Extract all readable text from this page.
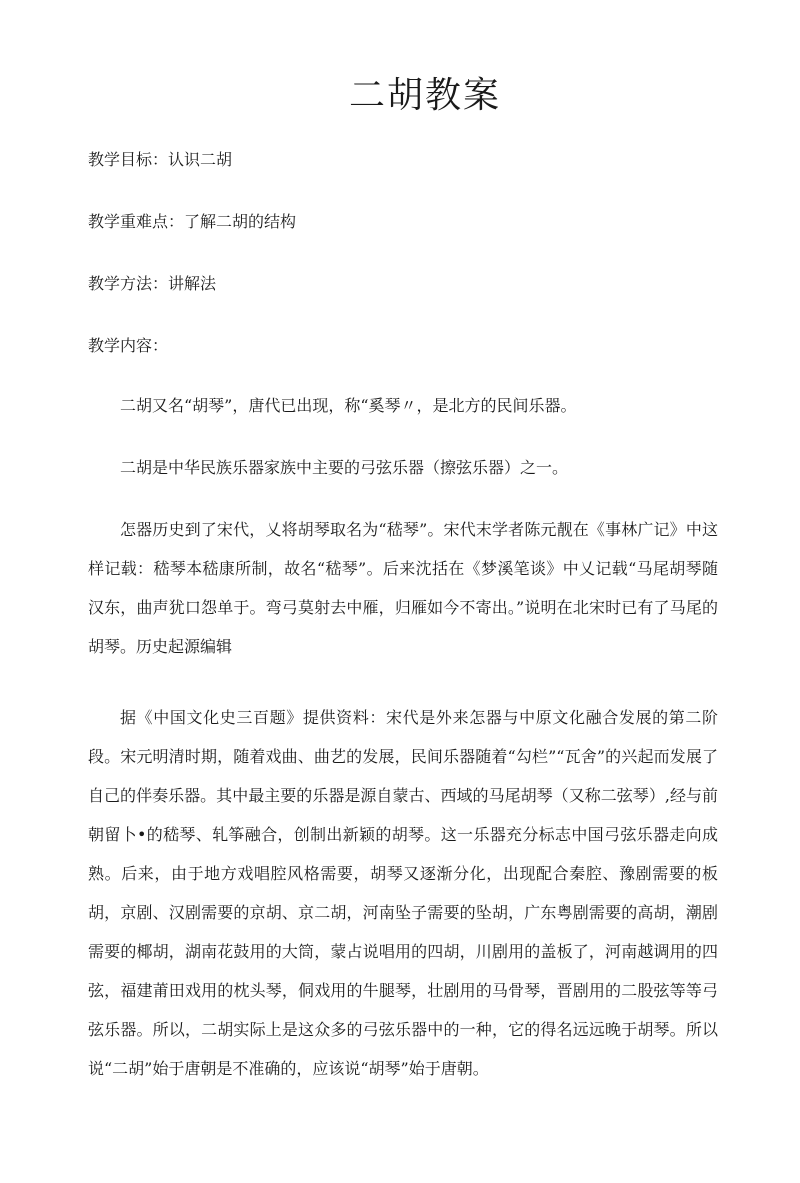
二胡教案

教学目标：认识二胡

教学重难点：了解二胡的结构

教学方法：讲解法

教学内容：

二胡又名“胡琴”，唐代已出现，称“奚琴〃，是北方的民间乐器。

二胡是中华民族乐器家族中主要的弓弦乐器（擦弦乐器）之一。

怎器历史到了宋代，乂将胡琴取名为“嵇琴”。宋代末学者陈元靓在《事林广记》中这样记载：嵇琴本嵇康所制，故名“嵇琴”。后来沈括在《梦溪笔谈》中乂记载“马尾胡琴随汉东，曲声犹口怨单于。弯弓莫射去中雁，归雁如今不寄出。”说明在北宋时已有了马尾的胡琴。历史起源编辑

据《中国文化史三百题》提供资料：宋代是外来怎器与中原文化融合发展的第二阶段。宋元明清时期，随着戏曲、曲艺的发展，民间乐器随着“勾栏”“瓦舍”的兴起而发展了自己的伴奏乐器。其中最主要的乐器是源自蒙古、西域的马尾胡琴（又称二弦琴）,经与前朝留卜•的嵇琴、轧筝融合，创制出新颖的胡琴。这一乐器充分标志中国弓弦乐器走向成熟。后来，由于地方戏唱腔风格需要，胡琴又逐渐分化，出现配合秦腔、豫剧需要的板胡，京剧、汉剧需要的京胡、京二胡，河南坠子需要的坠胡，广东粤剧需要的高胡，潮剧需要的椰胡，湖南花鼓用的大筒，蒙占说唱用的四胡，川剧用的盖板了，河南越调用的四弦，福建莆田戏用的枕头琴，侗戏用的牛腿琴，壮剧用的马骨琴，晋剧用的二股弦等等弓弦乐器。所以，二胡实际上是这众多的弓弦乐器中的一种，它的得名远远晚于胡琴。所以说“二胡”始于唐朝是不准确的，应该说“胡琴”始于唐朝。
